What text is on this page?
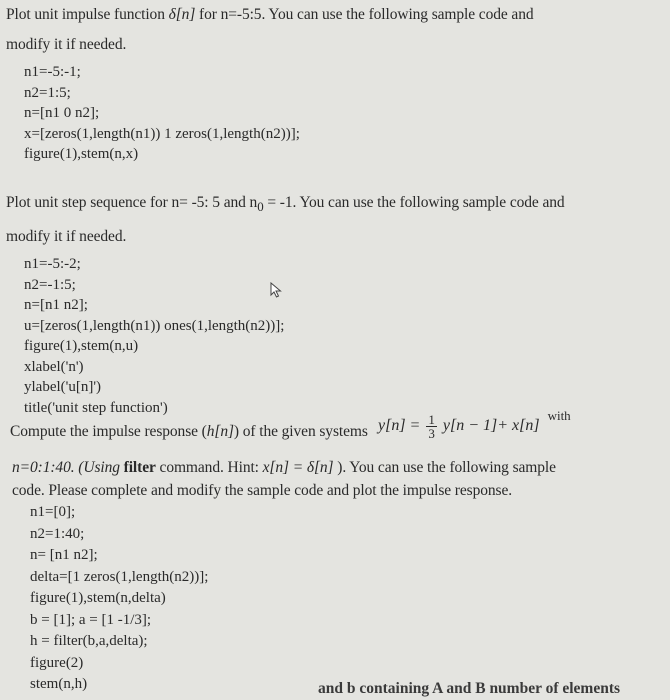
Plot unit impulse function δ[n] for n=-5:5. You can use the following sample code and

modify it if needed.

n1=-5:-1;
n2=1:5;
n=[n1 0 n2];
x=[zeros(1,length(n1)) 1 zeros(1,length(n2))];
figure(1),stem(n,x)

Plot unit step sequence for n= -5: 5 and $n_0 = -1$. You can use the following sample code and

modify it if needed.

n1=-5:-2;
n2=-1:5;
n=[n1 n2];
u=[zeros(1,length(n1)) ones(1,length(n2))];
figure(1),stem(n,u)
xlabel('n')
ylabel('u[n]')
title('unit step function')

Compute the impulse response (h[n]) of the given systems $y[n] = \frac{1}{3} y[n - 1]+ x[n]$ $^{with}$

n=0:1:40. (Using filter command. Hint: x[n] = δ[n] ). You can use the following sample

code. Please complete and modify the sample code and plot the impulse response.

n1=[0];
n2=1:40;
n= [n1 n2];
delta=[1 zeros(1,length(n2))];
figure(1),stem(n,delta)
b = [1]; a = [1 -1/3];
h = filter(b,a,delta);
figure(2)
stem(n,h)	and b containing A and B number of elements
